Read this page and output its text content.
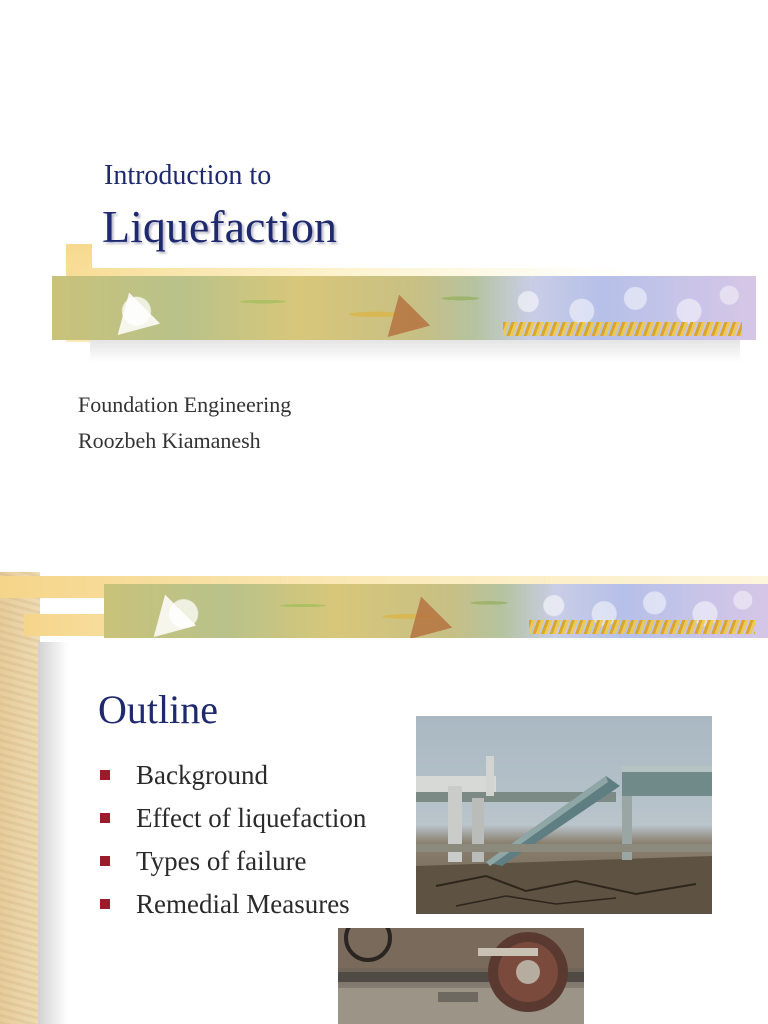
Introduction to
Liquefaction
Foundation Engineering
Roozbeh Kiamanesh
Outline
Background
Effect of liquefaction
Types of failure
Remedial Measures
